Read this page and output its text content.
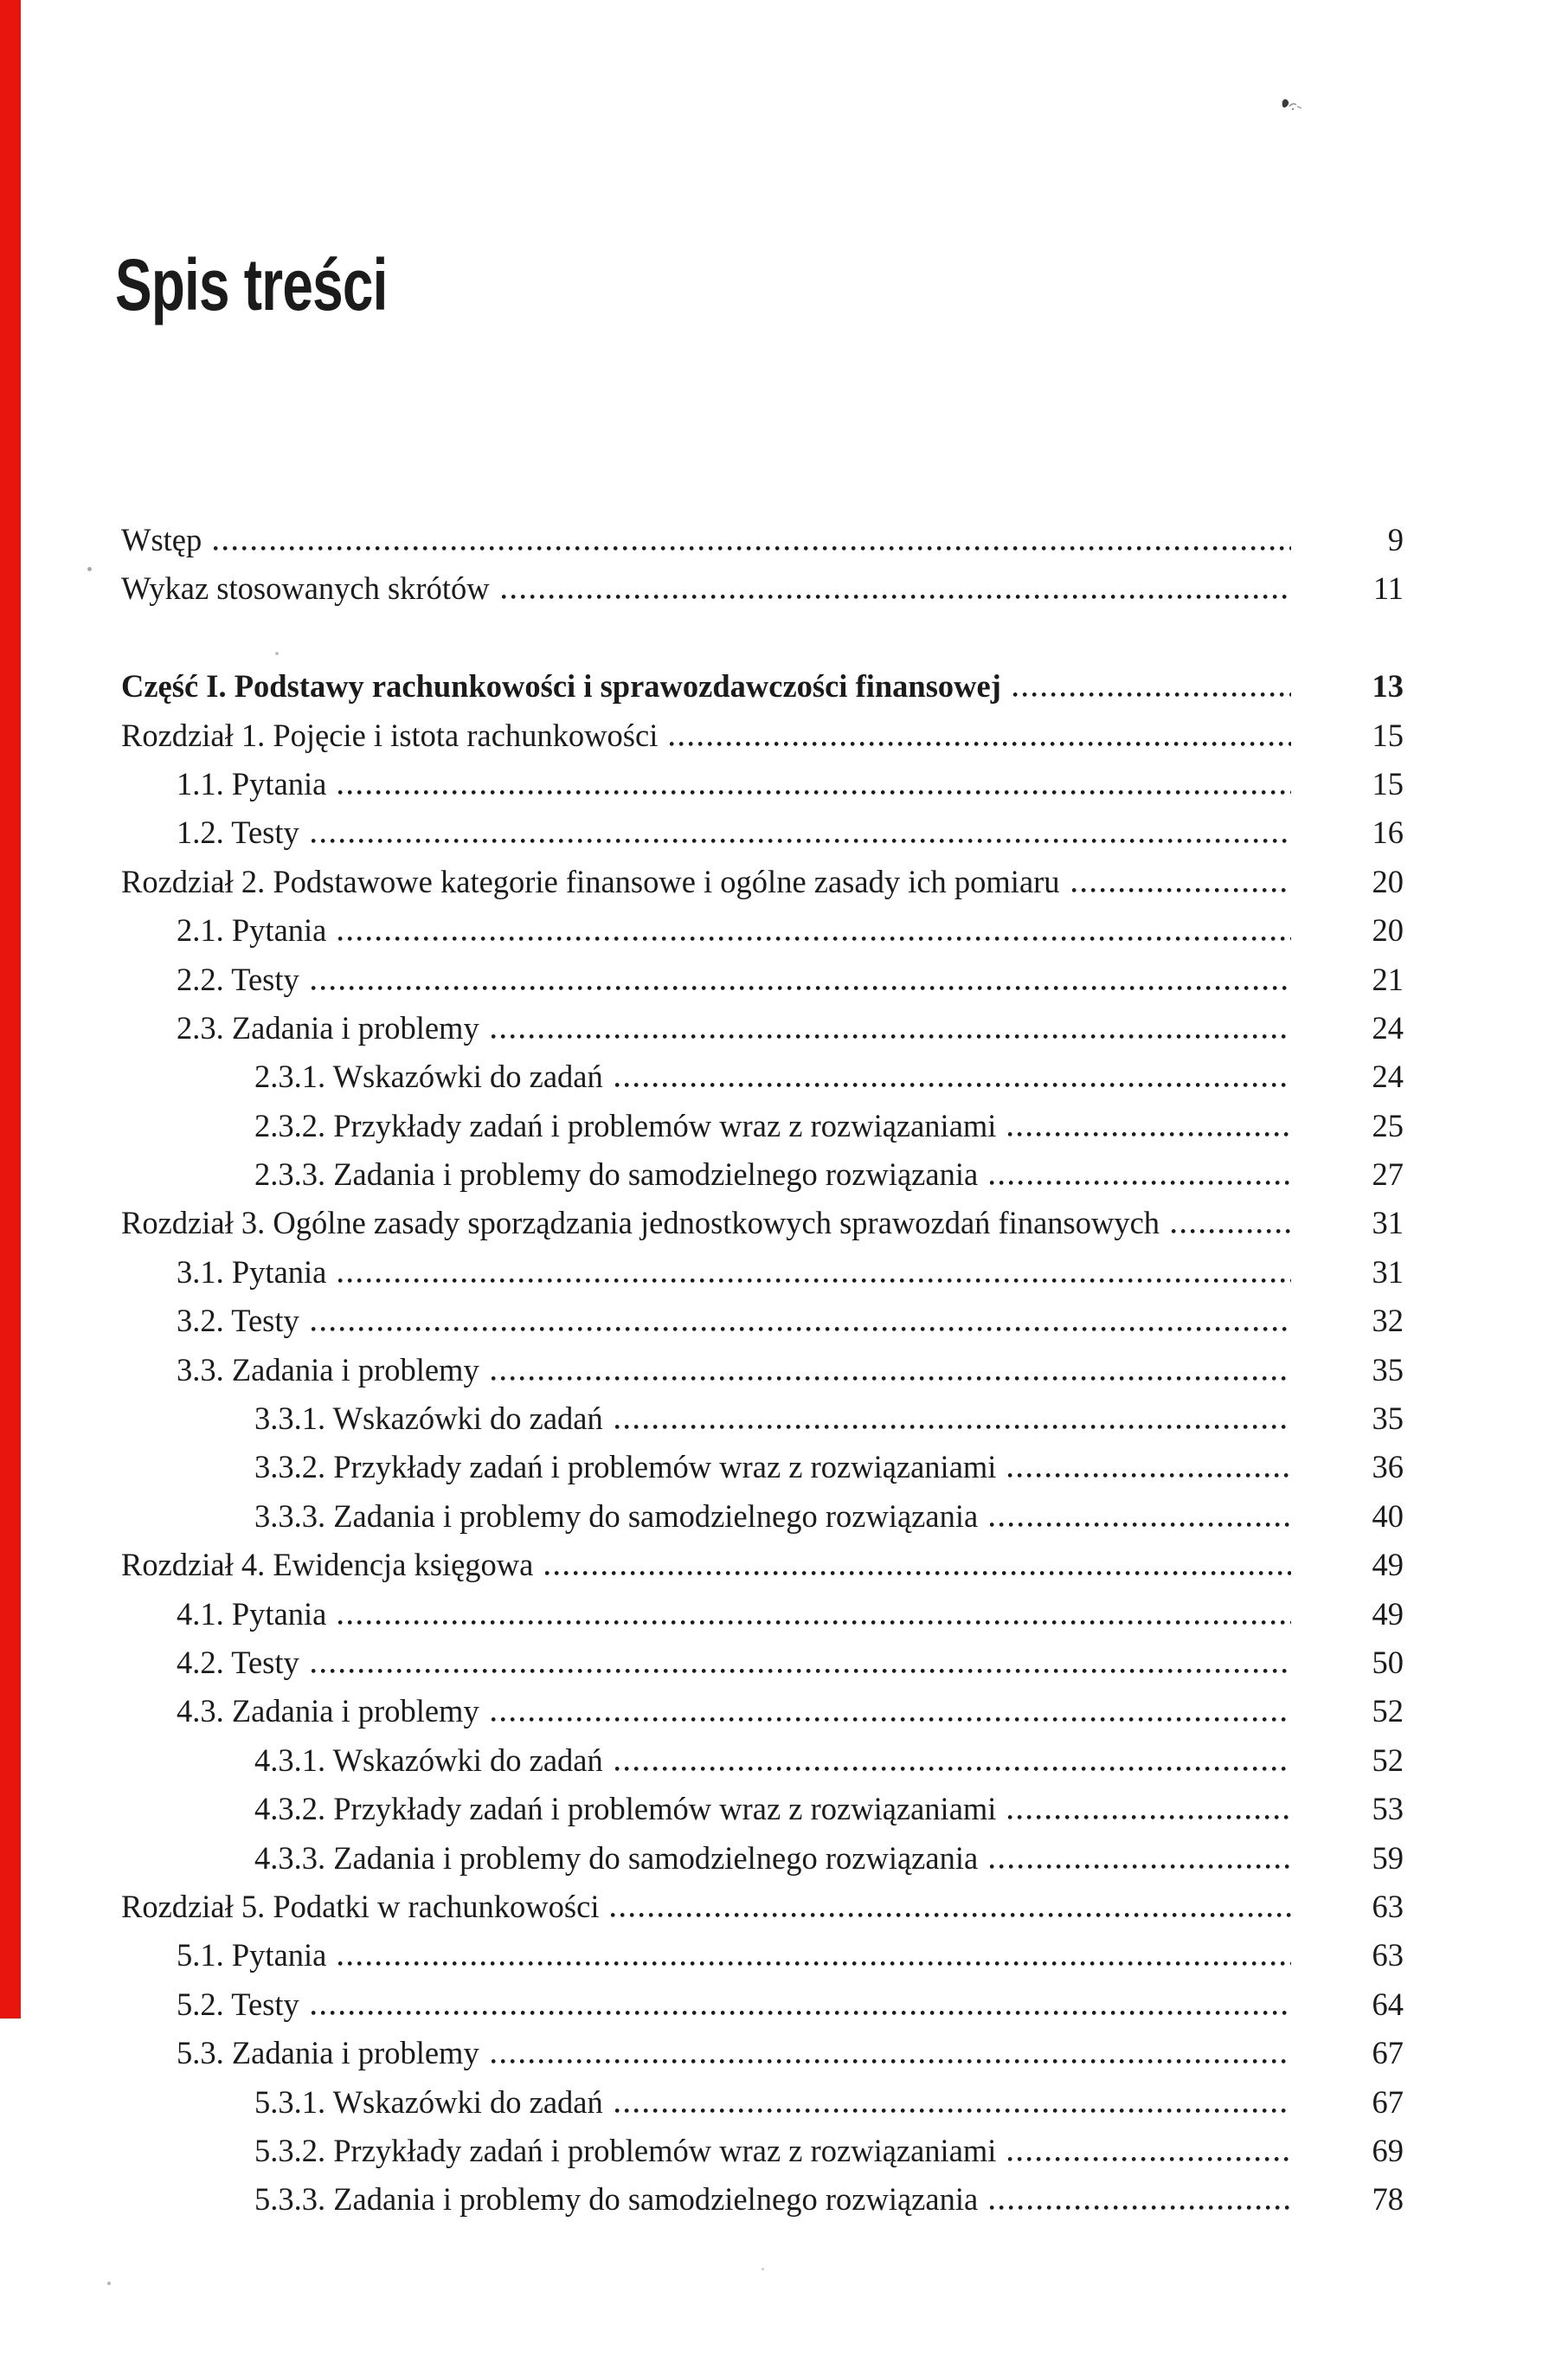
Spis treści
Wstęp	9
Wykaz stosowanych skrótów	11
Część I. Podstawy rachunkowości i sprawozdawczości finansowej	13
Rozdział 1. Pojęcie i istota rachunkowości	15
1.1. Pytania	15
1.2. Testy	16
Rozdział 2. Podstawowe kategorie finansowe i ogólne zasady ich pomiaru	20
2.1. Pytania	20
2.2. Testy	21
2.3. Zadania i problemy	24
2.3.1. Wskazówki do zadań	24
2.3.2. Przykłady zadań i problemów wraz z rozwiązaniami	25
2.3.3. Zadania i problemy do samodzielnego rozwiązania	27
Rozdział 3. Ogólne zasady sporządzania jednostkowych sprawozdań finansowych	31
3.1. Pytania	31
3.2. Testy	32
3.3. Zadania i problemy	35
3.3.1. Wskazówki do zadań	35
3.3.2. Przykłady zadań i problemów wraz z rozwiązaniami	36
3.3.3. Zadania i problemy do samodzielnego rozwiązania	40
Rozdział 4. Ewidencja księgowa	49
4.1. Pytania	49
4.2. Testy	50
4.3. Zadania i problemy	52
4.3.1. Wskazówki do zadań	52
4.3.2. Przykłady zadań i problemów wraz z rozwiązaniami	53
4.3.3. Zadania i problemy do samodzielnego rozwiązania	59
Rozdział 5. Podatki w rachunkowości	63
5.1. Pytania	63
5.2. Testy	64
5.3. Zadania i problemy	67
5.3.1. Wskazówki do zadań	67
5.3.2. Przykłady zadań i problemów wraz z rozwiązaniami	69
5.3.3. Zadania i problemy do samodzielnego rozwiązania	78
